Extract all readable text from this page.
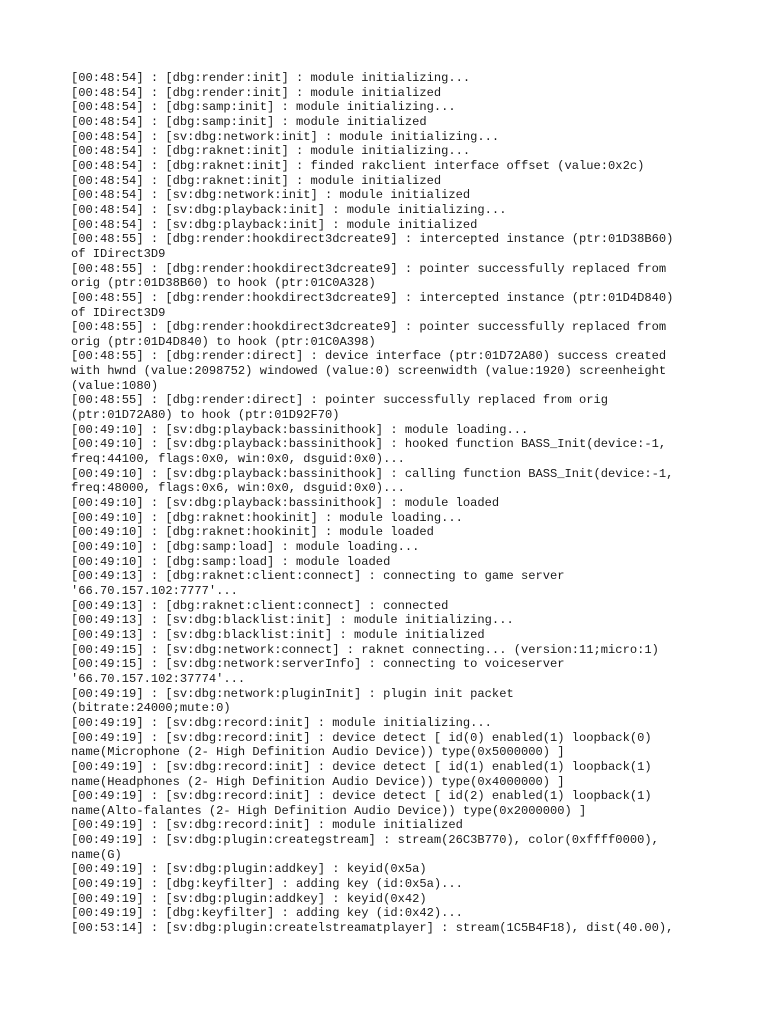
[00:48:54] : [dbg:render:init] : module initializing...
[00:48:54] : [dbg:render:init] : module initialized
[00:48:54] : [dbg:samp:init] : module initializing...
[00:48:54] : [dbg:samp:init] : module initialized
[00:48:54] : [sv:dbg:network:init] : module initializing...
[00:48:54] : [dbg:raknet:init] : module initializing...
[00:48:54] : [dbg:raknet:init] : finded rakclient interface offset (value:0x2c)
[00:48:54] : [dbg:raknet:init] : module initialized
[00:48:54] : [sv:dbg:network:init] : module initialized
[00:48:54] : [sv:dbg:playback:init] : module initializing...
[00:48:54] : [sv:dbg:playback:init] : module initialized
[00:48:55] : [dbg:render:hookdirect3dcreate9] : intercepted instance (ptr:01D38B60)
of IDirect3D9
[00:48:55] : [dbg:render:hookdirect3dcreate9] : pointer successfully replaced from
orig (ptr:01D38B60) to hook (ptr:01C0A328)
[00:48:55] : [dbg:render:hookdirect3dcreate9] : intercepted instance (ptr:01D4D840)
of IDirect3D9
[00:48:55] : [dbg:render:hookdirect3dcreate9] : pointer successfully replaced from
orig (ptr:01D4D840) to hook (ptr:01C0A398)
[00:48:55] : [dbg:render:direct] : device interface (ptr:01D72A80) success created
with hwnd (value:2098752) windowed (value:0) screenwidth (value:1920) screenheight
(value:1080)
[00:48:55] : [dbg:render:direct] : pointer successfully replaced from orig
(ptr:01D72A80) to hook (ptr:01D92F70)
[00:49:10] : [sv:dbg:playback:bassinithook] : module loading...
[00:49:10] : [sv:dbg:playback:bassinithook] : hooked function BASS_Init(device:-1,
freq:44100, flags:0x0, win:0x0, dsguid:0x0)...
[00:49:10] : [sv:dbg:playback:bassinithook] : calling function BASS_Init(device:-1,
freq:48000, flags:0x6, win:0x0, dsguid:0x0)...
[00:49:10] : [sv:dbg:playback:bassinithook] : module loaded
[00:49:10] : [dbg:raknet:hookinit] : module loading...
[00:49:10] : [dbg:raknet:hookinit] : module loaded
[00:49:10] : [dbg:samp:load] : module loading...
[00:49:10] : [dbg:samp:load] : module loaded
[00:49:13] : [dbg:raknet:client:connect] : connecting to game server
'66.70.157.102:7777'...
[00:49:13] : [dbg:raknet:client:connect] : connected
[00:49:13] : [sv:dbg:blacklist:init] : module initializing...
[00:49:13] : [sv:dbg:blacklist:init] : module initialized
[00:49:15] : [sv:dbg:network:connect] : raknet connecting... (version:11;micro:1)
[00:49:15] : [sv:dbg:network:serverInfo] : connecting to voiceserver
'66.70.157.102:37774'...
[00:49:19] : [sv:dbg:network:pluginInit] : plugin init packet
(bitrate:24000;mute:0)
[00:49:19] : [sv:dbg:record:init] : module initializing...
[00:49:19] : [sv:dbg:record:init] : device detect [ id(0) enabled(1) loopback(0)
name(Microphone (2- High Definition Audio Device)) type(0x5000000) ]
[00:49:19] : [sv:dbg:record:init] : device detect [ id(1) enabled(1) loopback(1)
name(Headphones (2- High Definition Audio Device)) type(0x4000000) ]
[00:49:19] : [sv:dbg:record:init] : device detect [ id(2) enabled(1) loopback(1)
name(Alto-falantes (2- High Definition Audio Device)) type(0x2000000) ]
[00:49:19] : [sv:dbg:record:init] : module initialized
[00:49:19] : [sv:dbg:plugin:creategstream] : stream(26C3B770), color(0xffff0000),
name(G)
[00:49:19] : [sv:dbg:plugin:addkey] : keyid(0x5a)
[00:49:19] : [dbg:keyfilter] : adding key (id:0x5a)...
[00:49:19] : [sv:dbg:plugin:addkey] : keyid(0x42)
[00:49:19] : [dbg:keyfilter] : adding key (id:0x42)...
[00:53:14] : [sv:dbg:plugin:createlstreamatplayer] : stream(1C5B4F18), dist(40.00),
